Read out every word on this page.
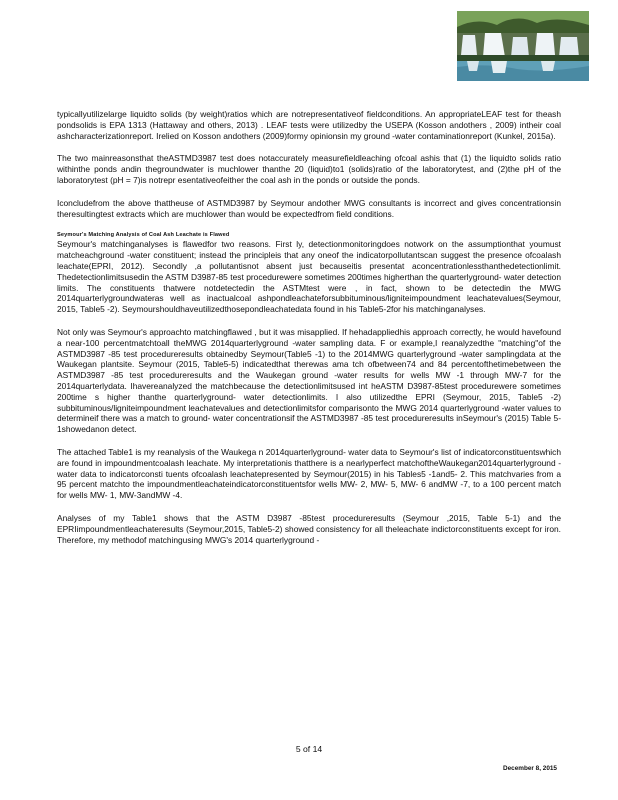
typicallyutilizelarge liquidto solids (by weight)ratios which are notrepresentativeof fieldconditions. An appropriateLEAF test for theash pondsolids is EPA 1313 (Hattaway and others, 2013) . LEAF tests were utilizedby the USEPA (Kosson andothers , 2009) intheir coal ashcharacterizationreport. Irelied on Kosson andothers (2009)formy opinionsin my ground -water contaminationreport (Kunkel, 2015a).

The two mainreasonsthat theASTMD3987 test does notaccurately measurefieldleaching ofcoal ashis that (1) the liquidto solids ratio withinthe ponds andin thegroundwater is muchlower thanthe 20 (liquid)to1 (solids)ratio of the laboratorytest, and (2)the pH of the laboratorytest (pH = 7)is notrepr esentativeofeither the coal ash in the ponds or outside the ponds.

Iconcludefrom the above thattheuse of ASTMD3987 by Seymour andother MWG consultants is incorrect and gives concentrationsin theresultingtest extracts which are muchlower than would be expectedfrom field conditions.

Seymour's Matching Analysis of Coal Ash Leachate is Flawed

Seymour's matchinganalyses is flawedfor two reasons. First ly, detectionmonitoringdoes notwork on the assumptionthat youmust matcheachground -water constituent; instead the principleis that any oneof the indicatorpollutantscan suggest the presence ofcoalash leachate(EPRI, 2012). Secondly ,a pollutantisnot absent just becauseitis presentat aconcentrationlessthanthedetectionlimit. Thedetectionlimitsusedin the ASTM D3987-85 test procedurewere sometimes 200times higherthan the quarterlyground- water detection limits. The constituents thatwere notdetectedin the ASTMtest were , in fact, shown to be detectedin the MWG 2014quarterlygroundwateras well as inactualcoal ashpondleachateforsubbituminous/ligniteimpoundment leachatevalues(Seymour, 2015, Table5 -2). Seymourshouldhaveutilizedthosepondleachatedata found in his Table5-2for his matchinganalyses.

Not only was Seymour's approachto matchingflawed , but it was misapplied. If hehadappliedhis approach correctly, he would havefound a near-100 percentmatchtoall theMWG 2014quarterlyground -water sampling data. F or example,I reanalyzedthe "matching"of the ASTMD3987 -85 test procedureresults obtainedby Seymour(Table5 -1) to the 2014MWG quarterlyground -water samplingdata at the Waukegan plantsite. Seymour (2015, Table5-5) indicatedthat therewas ama tch ofbetween74 and 84 percentofthetimebetween the ASTMD3987 -85 test procedureresults and the Waukegan ground -water results for wells MW -1 through MW-7 for the 2014quarterlydata. Ihavereanalyzed the matchbecause the detectionlimitsused int heASTM D3987-85test procedurewere sometimes 200time s higher thanthe quarterlyground- water detectionlimits. I also utilizedthe EPRI (Seymour, 2015, Table5 -2) subbituminous/ligniteimpoundment leachatevalues and detectionlimitsfor comparisonto the MWG 2014 quarterlyground -water values to determineif there was a match to ground- water concentrationsif the ASTMD3987 -85 test procedureresults inSeymour's (2015) Table 5-1showedanon detect.

The attached Table1 is my reanalysis of the Waukega n 2014quarterlyground- water data to Seymour's list of indicatorconstituentswhich are found in impoundmentcoalash leachate. My interpretationis thatthere is a nearlyperfect matchoftheWaukegan2014quarterlyground -water data to indicatorconsti tuents ofcoalash leachatepresented by Seymour(2015) in his Tables5 -1and5- 2. This matchvaries from a 95 percent matchto the impoundmentleachateindicatorconstituentsfor wells MW- 2, MW- 5, MW- 6 andMW -7, to a 100 percent match for wells MW- 1, MW-3andMW -4.

Analyses of my Table1 shows that the ASTM D3987 -85test procedureresults (Seymour ,2015, Table 5-1) and the EPRIimpoundmentleachateresults (Seymour,2015, Table5-2) showed consistency for all theleachate indictorconstituents except for iron. Therefore, my methodof matchingusing MWG's 2014 quarterlyground -

5 of 14
December 8, 2015
